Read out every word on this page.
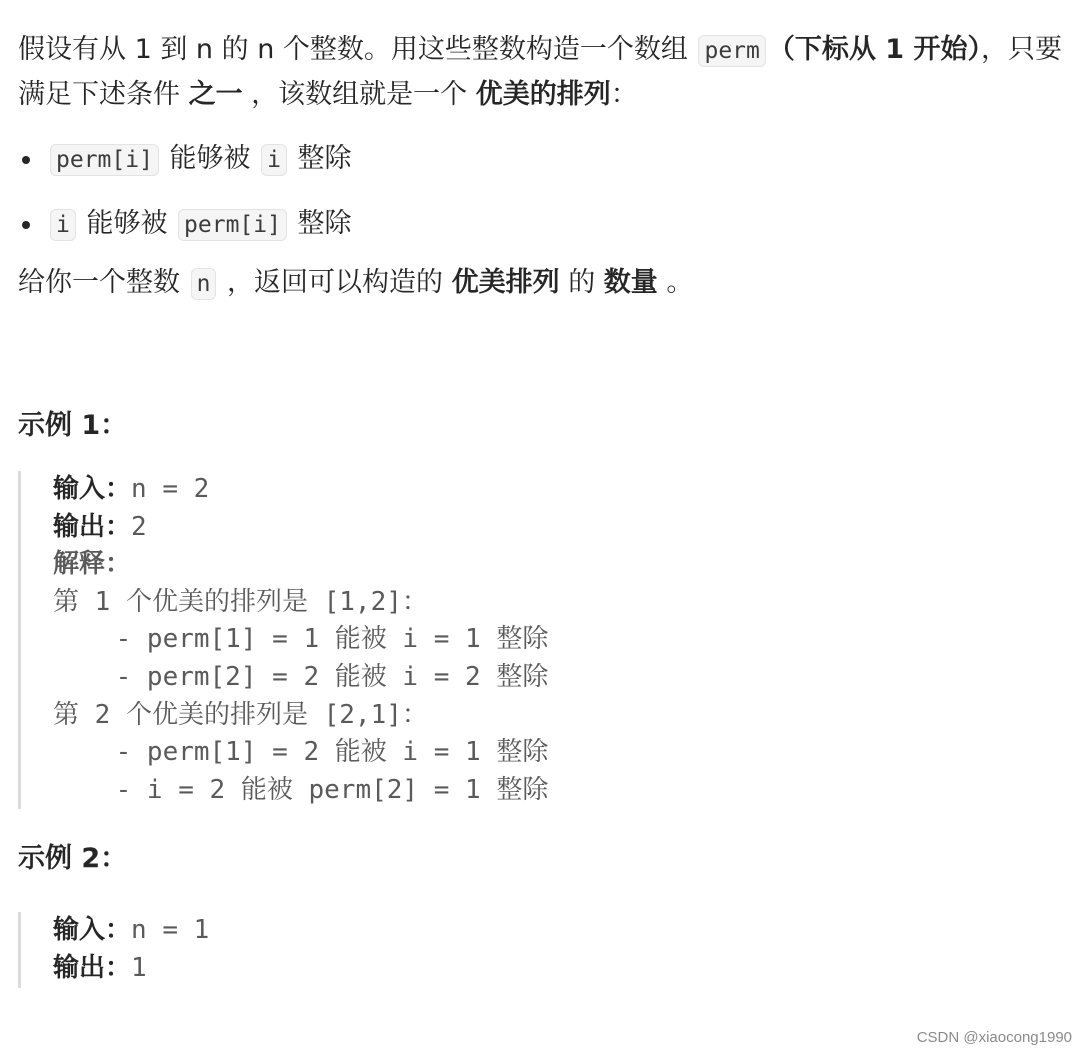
假设有从 1 到 n 的 n 个整数。用这些整数构造一个数组 perm （下标从 1 开始），只要满足下述条件 之一 ，该数组就是一个 优美的排列：

perm[i] 能够被 i 整除
i 能够被 perm[i] 整除

给你一个整数 n ，返回可以构造的 优美排列 的 数量 。

示例 1：

输入：n = 2
输出：2
解释：
第 1 个优美的排列是 [1,2]：
- perm[1] = 1 能被 i = 1 整除
- perm[2] = 2 能被 i = 2 整除
第 2 个优美的排列是 [2,1]：
- perm[1] = 2 能被 i = 1 整除
- i = 2 能被 perm[2] = 1 整除

示例 2：

输入：n = 1
输出：1
CSDN @xiaocong1990
